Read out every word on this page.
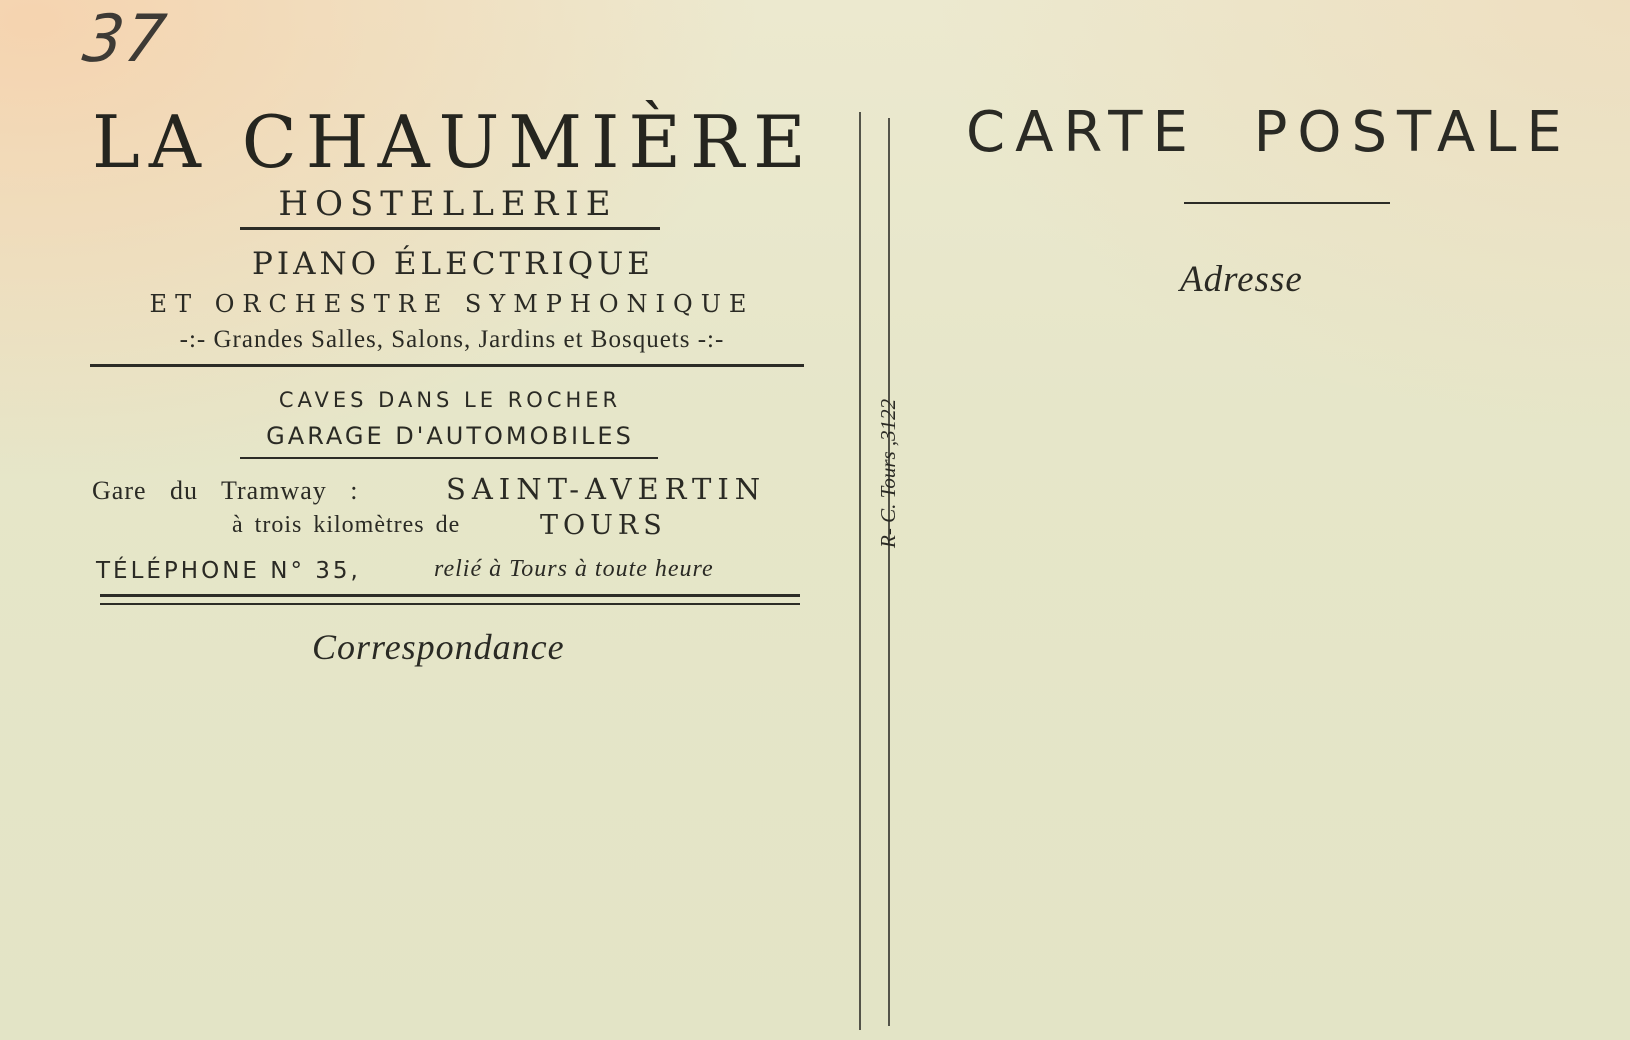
37
LA CHAUMIÈRE
HOSTELLERIE
PIANO ÉLECTRIQUE
ET ORCHESTRE SYMPHONIQUE
-:- Grandes Salles, Salons, Jardins et Bosquets -:-
CAVES DANS LE ROCHER
GARAGE D'AUTOMOBILES
Gare du Tramway :	SAINT-AVERTIN
à trois kilomètres de	TOURS
TÉLÉPHONE N° 35,	relié à Tours à toute heure
Correspondance
R- C. Tours ,3122
CARTE POSTALE
Adresse
